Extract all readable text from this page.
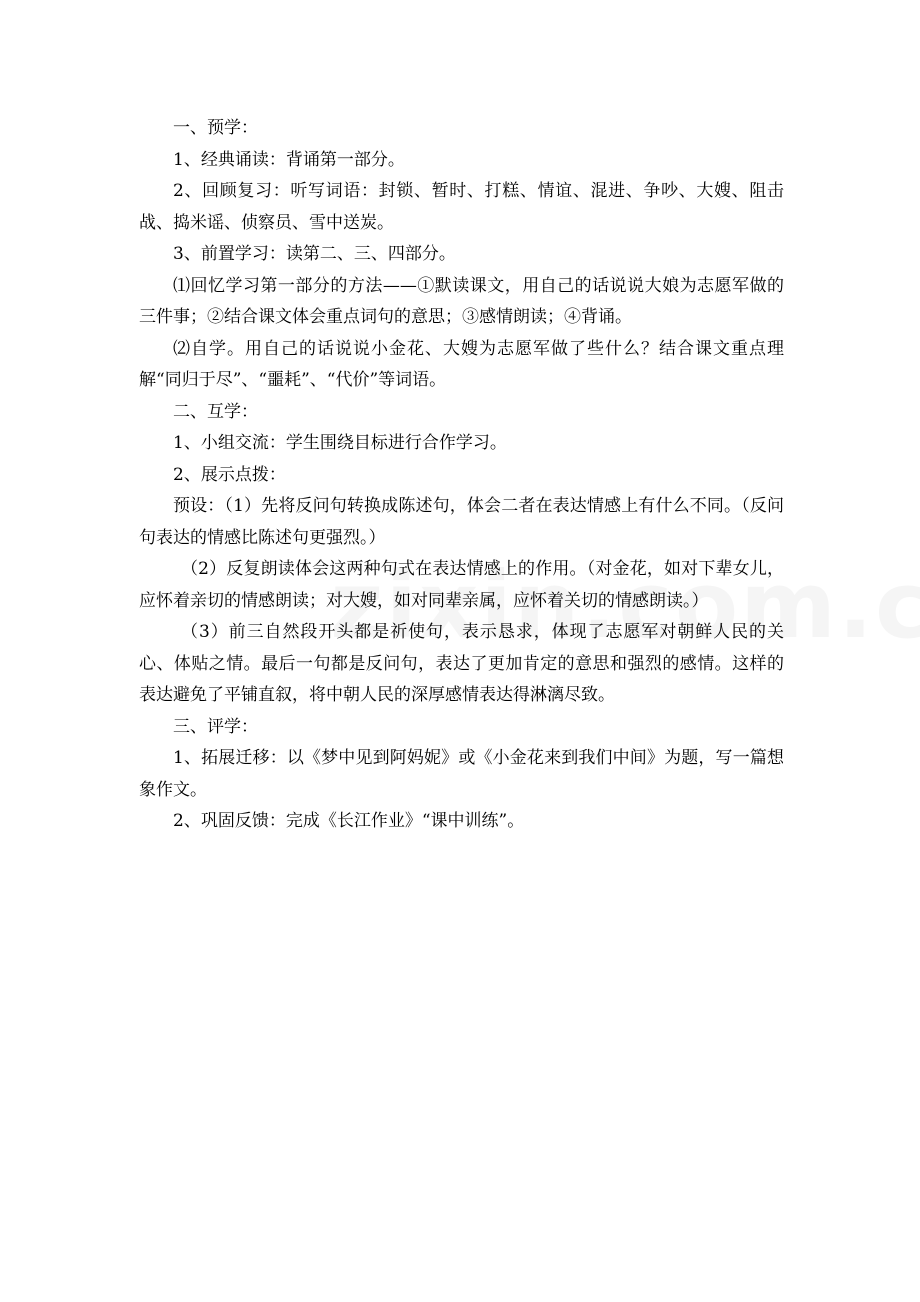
一、预学：

1、经典诵读：背诵第一部分。

2、回顾复习：听写词语：封锁、暂时、打糕、情谊、混进、争吵、大嫂、阻击战、捣米谣、侦察员、雪中送炭。

3、前置学习：读第二、三、四部分。

⑴回忆学习第一部分的方法——①默读课文，用自己的话说说大娘为志愿军做的三件事；②结合课文体会重点词句的意思；③感情朗读；④背诵。

⑵自学。用自己的话说说小金花、大嫂为志愿军做了些什么？结合课文重点理解“同归于尽”、“噩耗”、“代价”等词语。

二、互学：

1、小组交流：学生围绕目标进行合作学习。

2、展示点拨：

预设：（1）先将反问句转换成陈述句，体会二者在表达情感上有什么不同。（反问句表达的情感比陈述句更强烈。）

（2）反复朗读体会这两种句式在表达情感上的作用。（对金花，如对下辈女儿，应怀着亲切的情感朗读；对大嫂，如对同辈亲属，应怀着关切的情感朗读。）

（3）前三自然段开头都是祈使句，表示恳求，体现了志愿军对朝鲜人民的关心、体贴之情。最后一句都是反问句，表达了更加肯定的意思和强烈的感情。这样的表达避免了平铺直叙，将中朝人民的深厚感情表达得淋漓尽致。

三、评学：

1、拓展迁移：以《梦中见到阿妈妮》或《小金花来到我们中间》为题，写一篇想象作文。

2、巩固反馈：完成《长江作业》“课中训练”。
